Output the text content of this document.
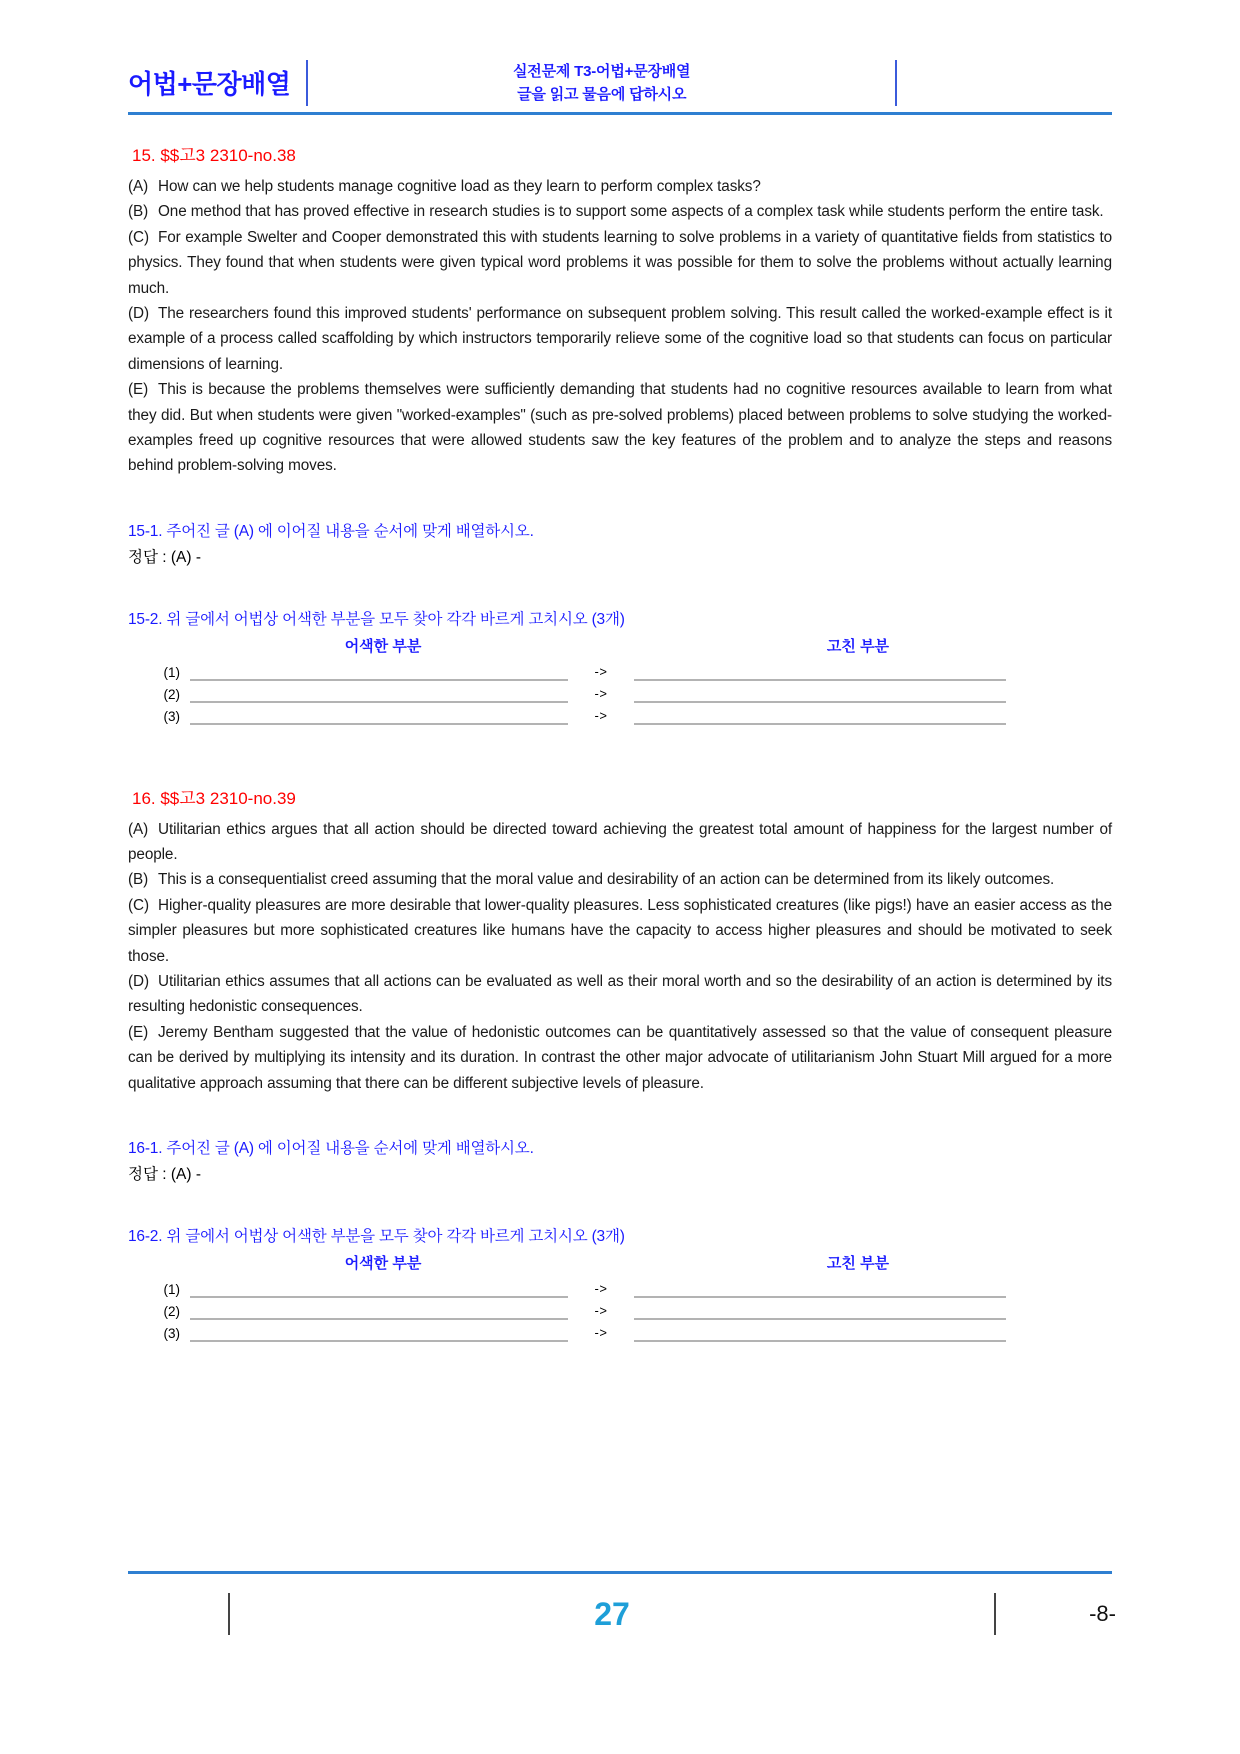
어법+문장배열	실전문제 T3-어법+문장배열
글을 읽고 물음에 답하시오
15. $$고3 2310-no.38

(A) How can we help students manage cognitive load as they learn to perform complex tasks?

(B) One method that has proved effective in research studies is to support some aspects of a complex task while students perform the entire task.

(C) For example Swelter and Cooper demonstrated this with students learning to solve problems in a variety of quantitative fields from statistics to physics. They found that when students were given typical word problems it was possible for them to solve the problems without actually learning much.

(D) The researchers found this improved students' performance on subsequent problem solving. This result called the worked-example effect is it example of a process called scaffolding by which instructors temporarily relieve some of the cognitive load so that students can focus on particular dimensions of learning.

(E) This is because the problems themselves were sufficiently demanding that students had no cognitive resources available to learn from what they did. But when students were given "worked-examples" (such as pre-solved problems) placed between problems to solve studying the worked-examples freed up cognitive resources that were allowed students saw the key features of the problem and to analyze the steps and reasons behind problem-solving moves.

15-1. 주어진 글 (A) 에 이어질 내용을 순서에 맞게 배열하시오.
정답 : (A) -
15-2. 위 글에서 어법상 어색한 부분을 모두 찾아 각각 바르게 고치시오 (3개)
어색한 부분	고친 부분
(1)	->
(2)	->
(3)	->
16. $$고3 2310-no.39

(A) Utilitarian ethics argues that all action should be directed toward achieving the greatest total amount of happiness for the largest number of people.

(B) This is a consequentialist creed assuming that the moral value and desirability of an action can be determined from its likely outcomes.

(C) Higher-quality pleasures are more desirable that lower-quality pleasures. Less sophisticated creatures (like pigs!) have an easier access as the simpler pleasures but more sophisticated creatures like humans have the capacity to access higher pleasures and should be motivated to seek those.

(D) Utilitarian ethics assumes that all actions can be evaluated as well as their moral worth and so the desirability of an action is determined by its resulting hedonistic consequences.

(E) Jeremy Bentham suggested that the value of hedonistic outcomes can be quantitatively assessed so that the value of consequent pleasure can be derived by multiplying its intensity and its duration. In contrast the other major advocate of utilitarianism John Stuart Mill argued for a more qualitative approach assuming that there can be different subjective levels of pleasure.

16-1. 주어진 글 (A) 에 이어질 내용을 순서에 맞게 배열하시오.
정답 : (A) -
16-2. 위 글에서 어법상 어색한 부분을 모두 찾아 각각 바르게 고치시오 (3개)
어색한 부분	고친 부분
(1)	->
(2)	->
(3)	->
27	-8-
